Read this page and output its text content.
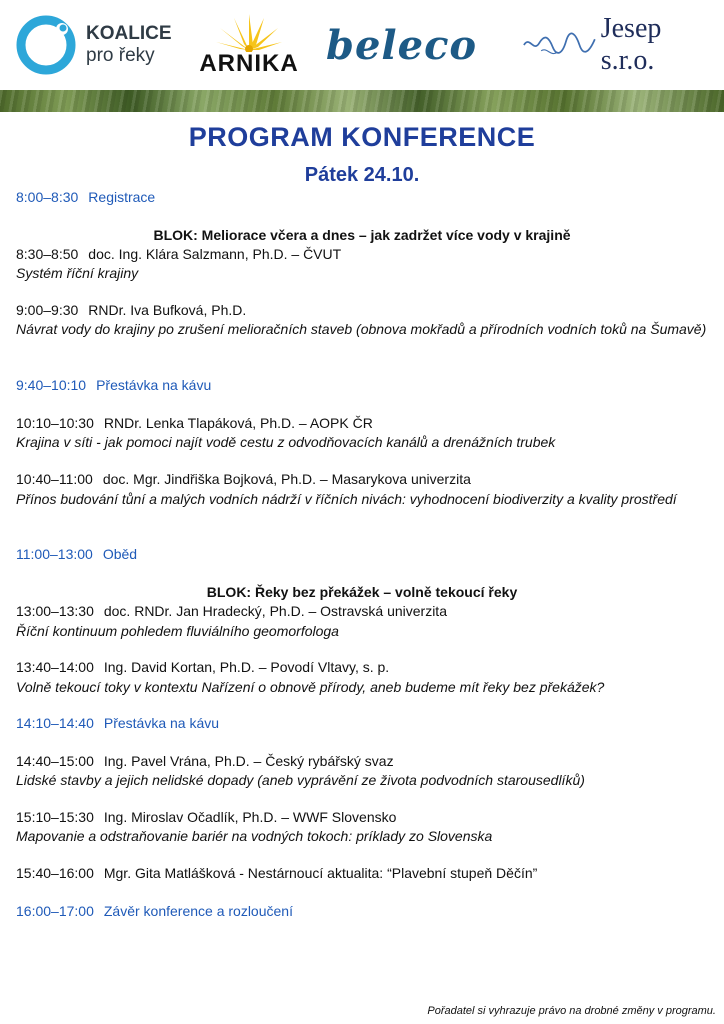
KOALICE
pro řeky	ARNIKA beleco	Jesep s.r.o.
PROGRAM KONFERENCE
Pátek 24.10.
8:00–8:30 Registrace
BLOK: Meliorace včera a dnes – jak zadržet více vody v krajině
8:30–8:50 doc. Ing. Klára Salzmann, Ph.D. – ČVUT
Systém říční krajiny
9:00–9:30 RNDr. Iva Bufková, Ph.D.
Návrat vody do krajiny po zrušení melioračních staveb (obnova mokřadů a přírodních vodních toků na Šumavě)
9:40–10:10 Přestávka na kávu
10:10–10:30 RNDr. Lenka Tlapáková, Ph.D. – AOPK ČR
Krajina v síti - jak pomoci najít vodě cestu z odvodňovacích kanálů a drenážních trubek
10:40–11:00 doc. Mgr. Jindřiška Bojková, Ph.D. – Masarykova univerzita
Přínos budování tůní a malých vodních nádrží v říčních nivách: vyhodnocení biodiverzity a kvality prostředí
11:00–13:00 Oběd
BLOK: Řeky bez překážek – volně tekoucí řeky
13:00–13:30 doc. RNDr. Jan Hradecký, Ph.D. – Ostravská univerzita
Říční kontinuum pohledem fluviálního geomorfologa
13:40–14:00 Ing. David Kortan, Ph.D. – Povodí Vltavy, s. p.
Volně tekoucí toky v kontextu Nařízení o obnově přírody, aneb budeme mít řeky bez překážek?
14:10–14:40 Přestávka na kávu
14:40–15:00 Ing. Pavel Vrána, Ph.D. – Český rybářský svaz
Lidské stavby a jejich nelidské dopady (aneb vyprávění ze života podvodních starousedlíků)
15:10–15:30 Ing. Miroslav Očadlík, Ph.D. – WWF Slovensko
Mapovanie a odstraňovanie bariér na vodných tokoch: príklady zo Slovenska
15:40–16:00 Mgr. Gita Matlášková - Nestárnoucí aktualita: “Plavební stupeň Děčín”
16:00–17:00 Závěr konference a rozloučení
Pořadatel si vyhrazuje právo na drobné změny v programu.
